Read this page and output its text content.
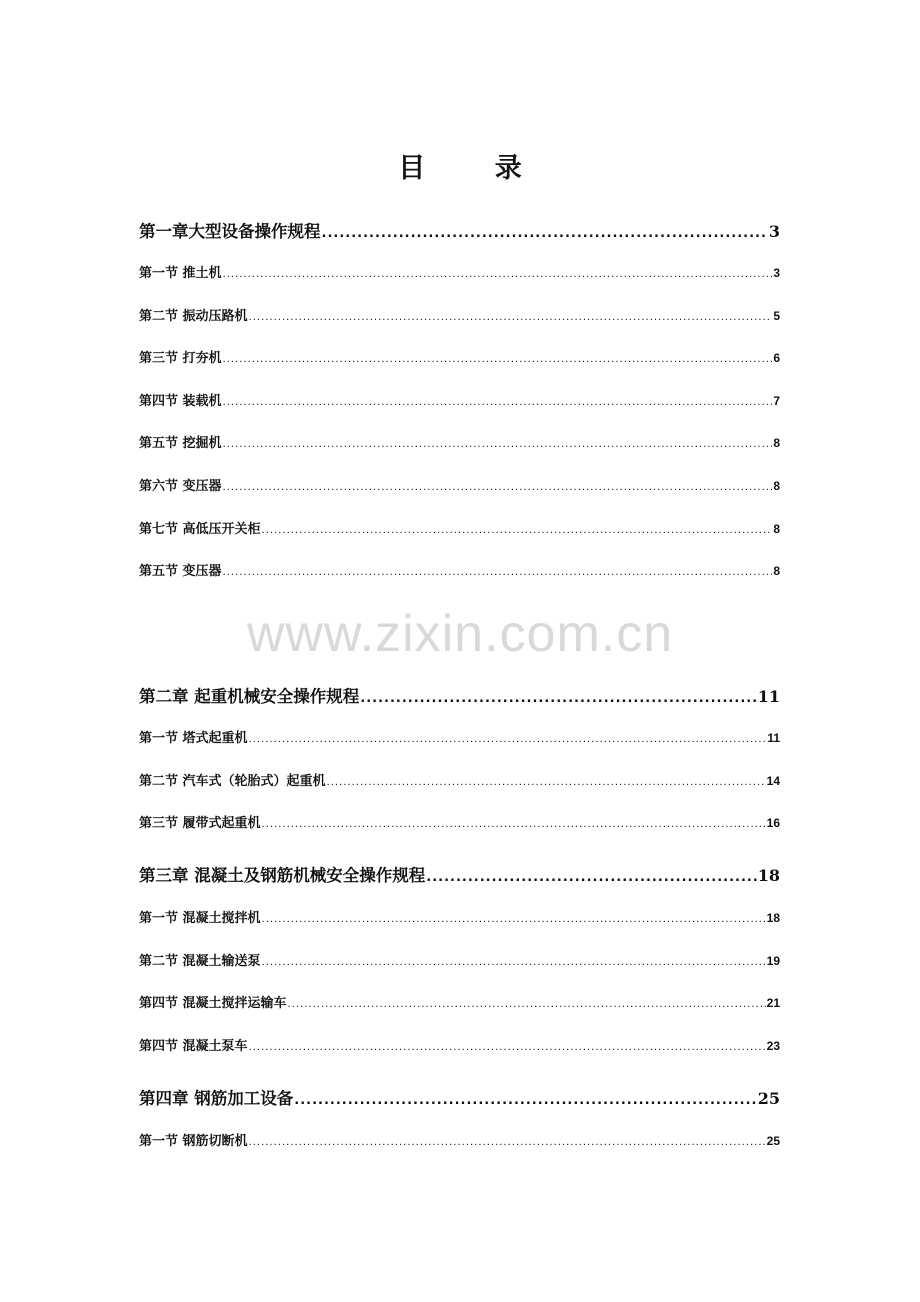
目 录
第一章大型设备操作规程 .....	3
第一节 推土机 .....	3
第二节 振动压路机 .....	5
第三节 打夯机 .....	6
第四节 装载机 .....	7
第五节 挖掘机 .....	8
第六节 变压器 .....	8
第七节 高低压开关柜 .....	8
第五节 变压器 .....	8
第二章 起重机械安全操作规程 .....	11
第一节 塔式起重机 .....	11
第二节 汽车式（轮胎式）起重机 .....	14
第三节 履带式起重机 .....	16
第三章 混凝土及钢筋机械安全操作规程 .....	18
第一节 混凝土搅拌机 .....	18
第二节 混凝土输送泵 .....	19
第四节 混凝土搅拌运输车 .....	21
第四节 混凝土泵车 .....	23
第四章 钢筋加工设备 .....	25
第一节 钢筋切断机 .....	25
www.zixin.com.cn
